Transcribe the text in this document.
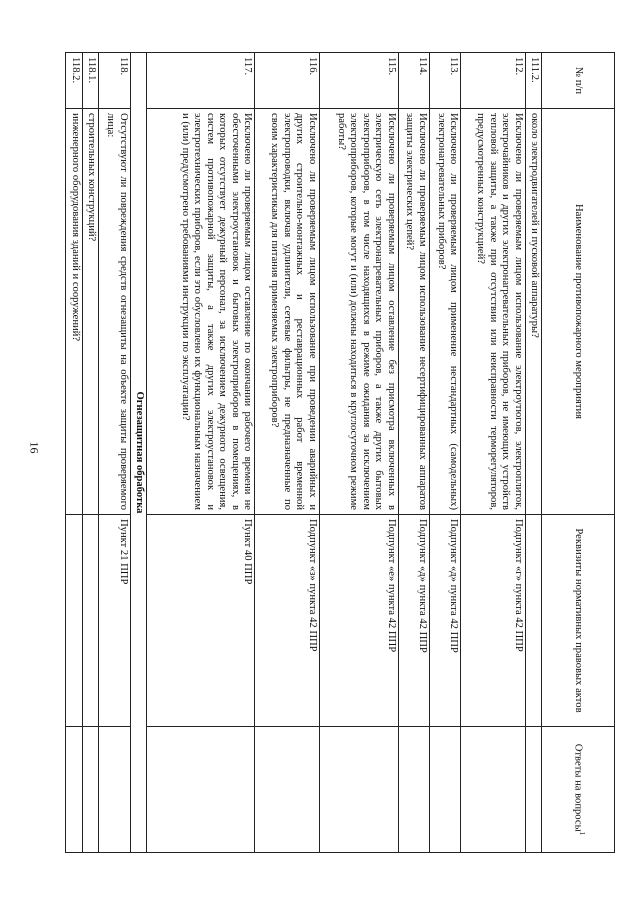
16
№ п/п	Наименование противопожарного мероприятия	Реквизиты нормативных правовых актов	Ответы на вопросы$^1$
111.2.	около электродвигателей и пусковой аппаратуры?		
112.	Исключено ли проверяемым лицом использование электроутюгов, электроплиток, электрочайников и других электронагревательных приборов, не имеющих устройств тепловой защиты, а также при отсутствии или неисправности терморегуляторов, предусмотренных конструкцией?	Подпункт «г» пункта 42 ППР	
113.	Исключено ли проверяемым лицом применение нестандартных (самодельных) электронагревательных приборов?	Подпункт «д» пункта 42 ППР	
114.	Исключено ли проверяемым лицом использование несертифицированных аппаратов защиты электрических цепей?	Подпункт «д» пункта 42 ППР	
115.	Исключено ли проверяемым лицом оставление без присмотра включенных в электрическую сеть электронагревательных приборов, а также других бытовых электроприборов, в том числе находящихся в режиме ожидания за исключением электроприборов, которые могут и (или) должны находиться в круглосуточном режиме работы?	Подпункт «е» пункта 42 ППР	
116.	Исключено ли проверяемым лицом использование при проведении аварийных и других строительно-монтажных и реставрационных работ временной электропроводки, включая удлинители, сетевые фильтры, не предназначенные по своим характеристикам для питания применяемых электроприборов?	Подпункт «з» пункта 42 ППР	
117.	Исключено ли проверяемым лицом оставление по окончании рабочего времени не обесточенными электроустановок и бытовых электроприборов в помещениях, в которых отсутствует дежурный персонал, за исключением дежурного освещения, систем противопожарной защиты, а также других электроустановок и электротехнических приборов, если это обусловлено их функциональным назначением и (или) предусмотрено требованиями инструкции по эксплуатации?	Пункт 40 ППР	
Огнезащитная обработка			
118.	Отсутствуют ли повреждения средств огнезащиты на объекте защиты проверяемого лица:	Пункт 21 ППР	
118.1.	строительных конструкций?		
118.2.	инженерного оборудования зданий и сооружений?		
